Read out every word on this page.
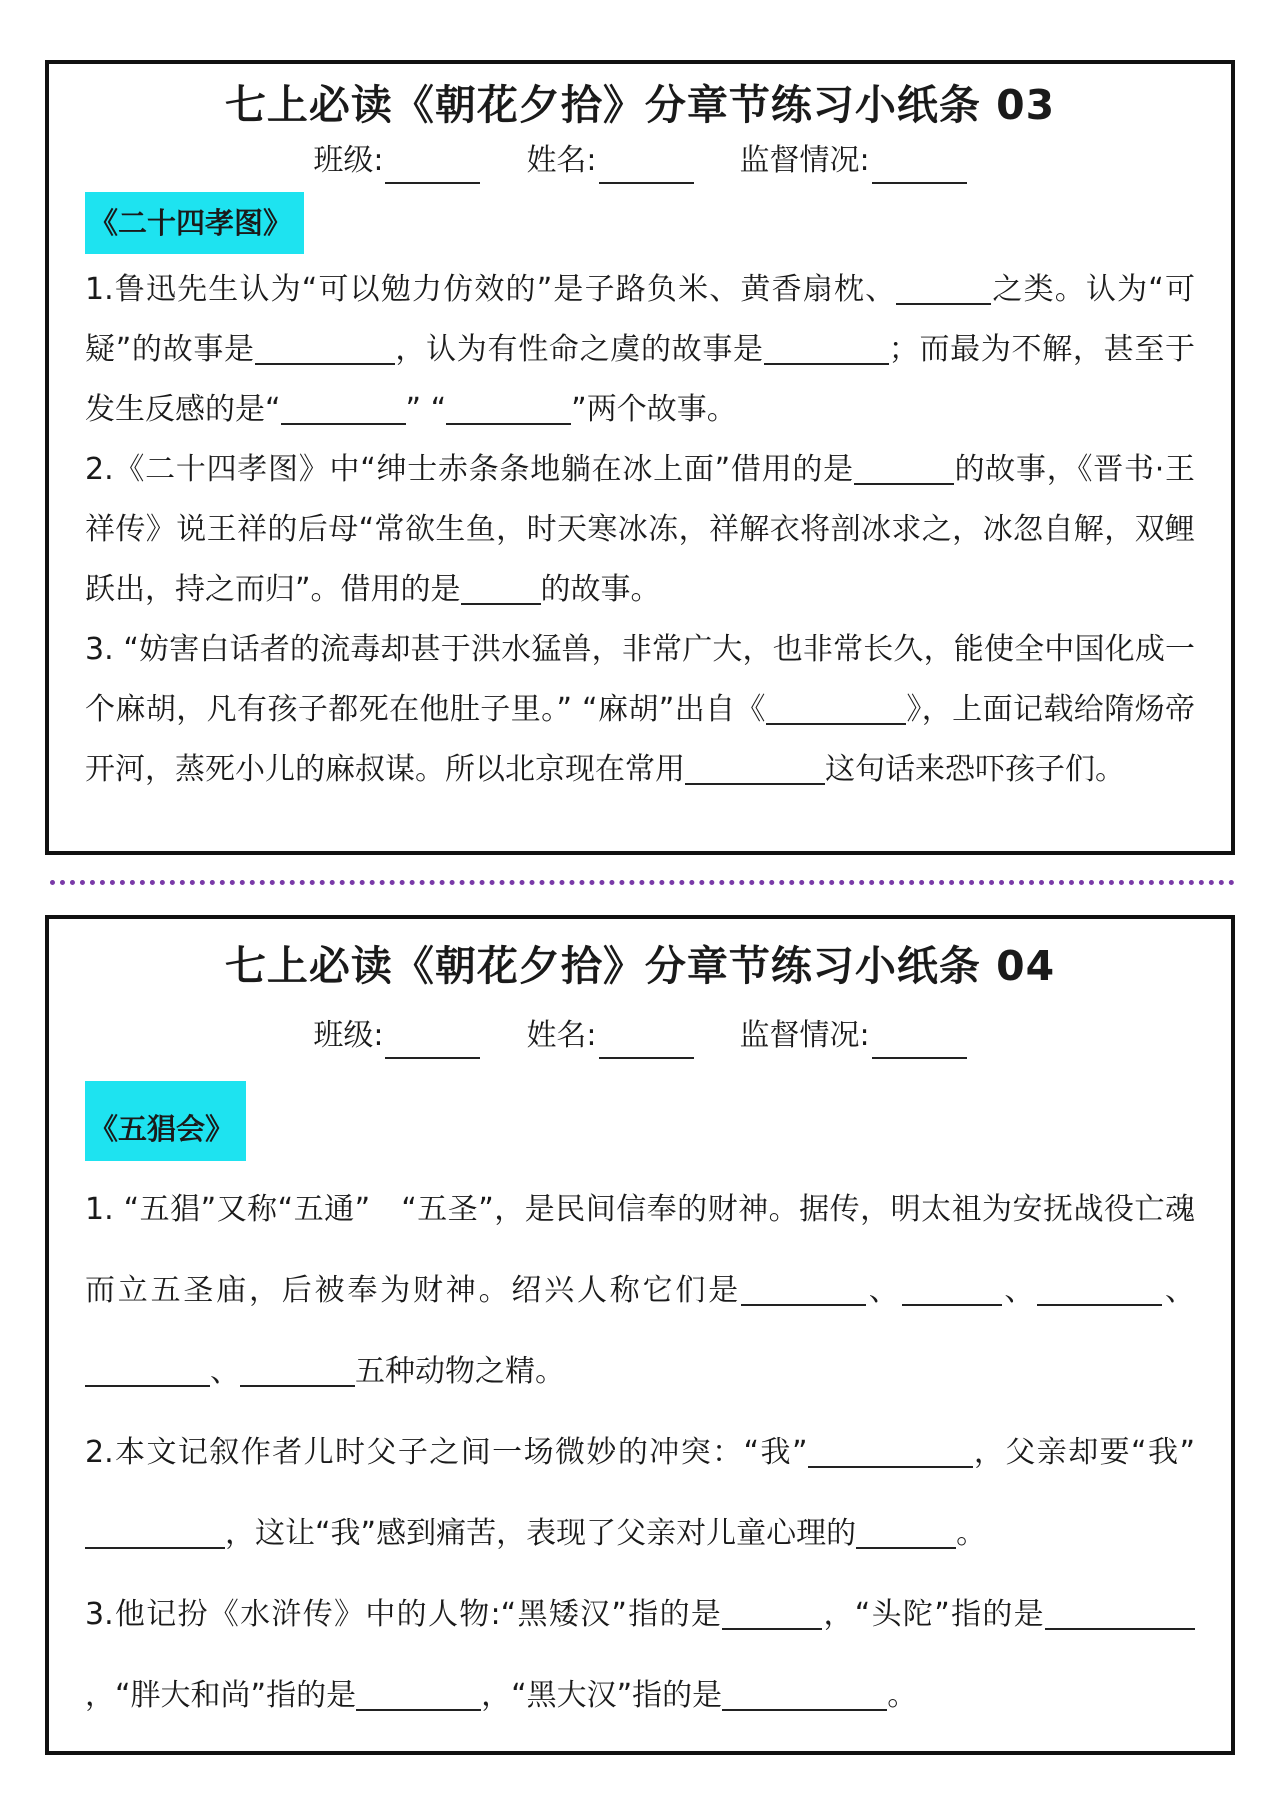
七上必读《朝花夕拾》分章节练习小纸条 03
班级:	姓名:	监督情况:
《二十四孝图》

1.鲁迅先生认为“可以勉力仿效的”是子路负米、黄香扇枕、	之类。认为“可疑”的故事是	，认为有性命之虞的故事是	；而最为不解，甚至于发生反感的是“	” “	”两个故事。

2.《二十四孝图》中“绅士赤条条地躺在冰上面”借用的是	的故事，《晋书·王祥传》说王祥的后母“常欲生鱼，时天寒冰冻，祥解衣将剖冰求之，冰忽自解，双鲤跃出，持之而归”。借用的是	的故事。

3. “妨害白话者的流毒却甚于洪水猛兽，非常广大，也非常长久，能使全中国化成一个麻胡，凡有孩子都死在他肚子里。” “麻胡”出自《	》，上面记载给隋炀帝开河，蒸死小儿的麻叔谋。所以北京现在常用	这句话来恐吓孩子们。

七上必读《朝花夕拾》分章节练习小纸条 04
班级:	姓名:	监督情况:
《五猖会》

1. “五猖”又称“五通”　“五圣”，是民间信奉的财神。据传，明太祖为安抚战役亡魂而立五圣庙，后被奉为财神。绍兴人称它们是	、	、	、、	五种动物之精。

2.本文记叙作者儿时父子之间一场微妙的冲突：“我”	，父亲却要“我”，这让“我”感到痛苦，表现了父亲对儿童心理的	。

3.他记扮《水浒传》中的人物:“黑矮汉”指的是	，“头陀”指的是，“胖大和尚”指的是	，“黑大汉”指的是	。
